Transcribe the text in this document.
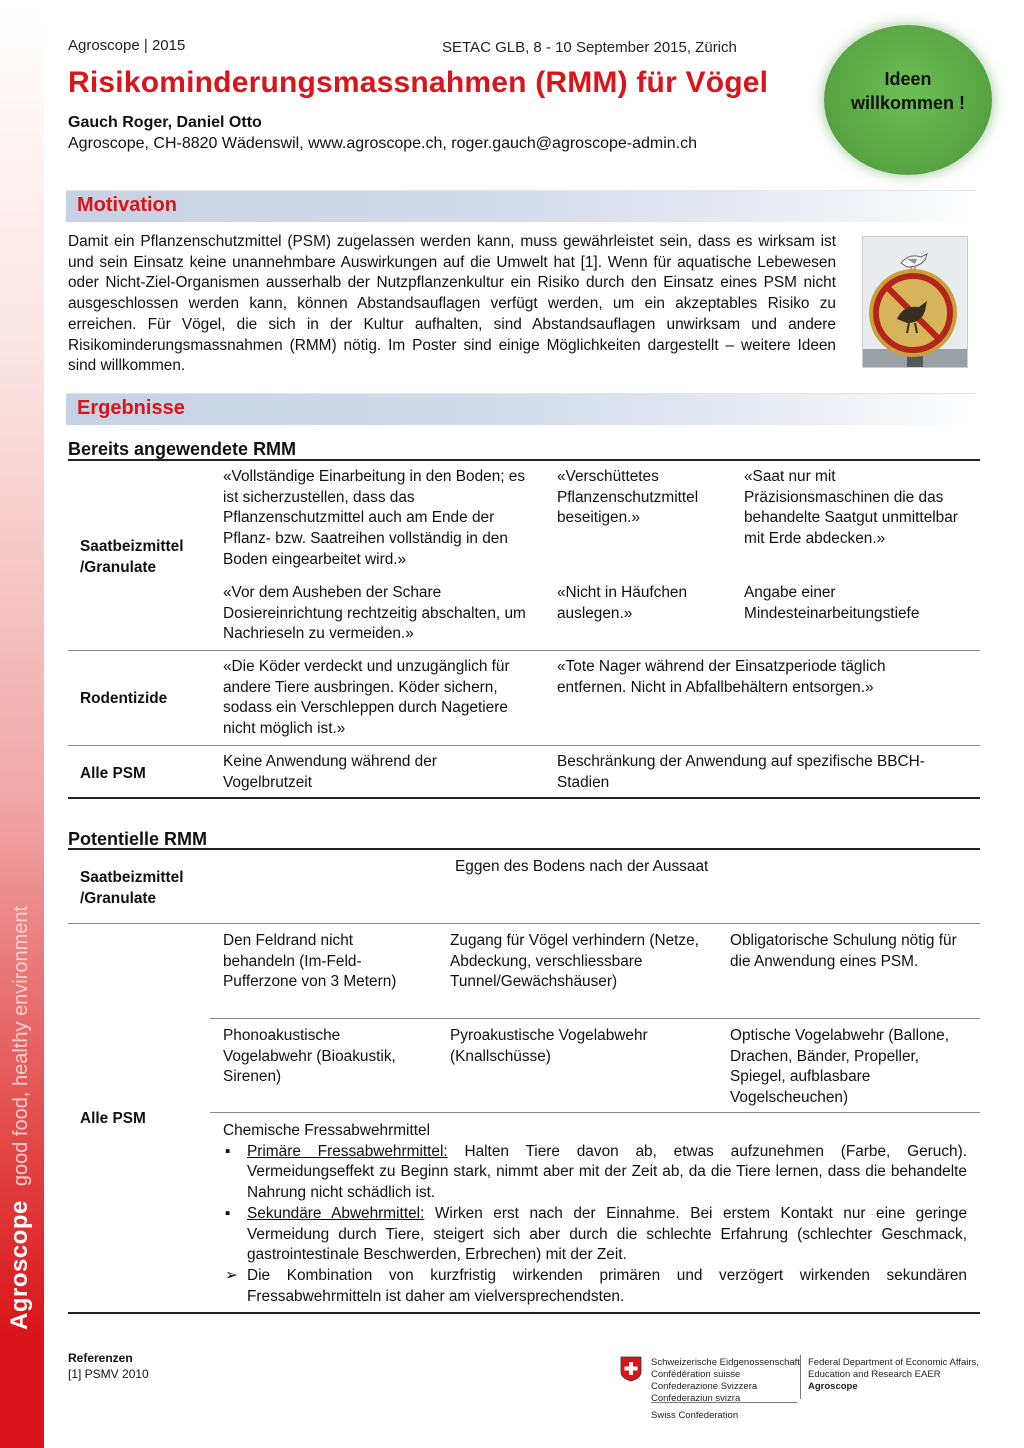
Agroscopegood food, healthy environment
Agroscope | 2015	SETAC GLB, 8 - 10 September 2015, Zürich
Risikominderungsmassnahmen (RMM) für Vögel
Gauch Roger, Daniel Otto
Agroscope, CH-8820 Wädenswil, www.agroscope.ch, roger.gauch@agroscope-admin.ch
Ideen willkommen !
Motivation
Damit ein Pflanzenschutzmittel (PSM) zugelassen werden kann, muss gewährleistet sein, dass es wirksam ist und sein Einsatz keine unannehmbare Auswirkungen auf die Umwelt hat [1]. Wenn für aquatische Lebewesen oder Nicht-Ziel-Organismen ausserhalb der Nutzpflanzenkultur ein Risiko durch den Einsatz eines PSM nicht ausgeschlossen werden kann, können Abstandsauflagen verfügt werden, um ein akzeptables Risiko zu erreichen. Für Vögel, die sich in der Kultur aufhalten, sind Abstandsauflagen unwirksam und andere Risikominderungsmassnahmen (RMM) nötig. Im Poster sind einige Möglichkeiten dargestellt – weitere Ideen sind willkommen.
Ergebnisse
Bereits angewendete RMM
Saatbeizmittel /Granulate
«Vollständige Einarbeitung in den Boden; es ist sicherzustellen, dass das Pflanzenschutzmittel auch am Ende der Pflanz- bzw. Saatreihen vollständig in den Boden eingearbeitet wird.»
«Verschüttetes Pflanzenschutzmittel beseitigen.»
«Saat nur mit Präzisionsmaschinen die das behandelte Saatgut unmittelbar mit Erde abdecken.»
«Vor dem Ausheben der Schare Dosiereinrichtung rechtzeitig abschalten, um Nachrieseln zu vermeiden.»
«Nicht in Häufchen auslegen.»
Angabe einer Mindesteinarbeitungstiefe
Rodentizide
«Die Köder verdeckt und unzugänglich für andere Tiere ausbringen. Köder sichern, sodass ein Verschleppen durch Nagetiere nicht möglich ist.»
«Tote Nager während der Einsatzperiode täglich entfernen. Nicht in Abfallbehältern entsorgen.»
Alle PSM
Keine Anwendung während der Vogelbrutzeit
Beschränkung der Anwendung auf spezifische BBCH-Stadien
Potentielle RMM
Saatbeizmittel /Granulate
Eggen des Bodens nach der Aussaat
Alle PSM
Den Feldrand nicht behandeln (Im-Feld-Pufferzone von 3 Metern)
Zugang für Vögel verhindern (Netze, Abdeckung, verschliessbare Tunnel/Gewächshäuser)
Obligatorische Schulung nötig für die Anwendung eines PSM.
Phonoakustische Vogelabwehr (Bioakustik, Sirenen)
Pyroakustische Vogelabwehr (Knallschüsse)
Optische Vogelabwehr (Ballone, Drachen, Bänder, Propeller, Spiegel, aufblasbare Vogelscheuchen)
Chemische Fressabwehrmittel
▪ Primäre Fressabwehrmittel: Halten Tiere davon ab, etwas aufzunehmen (Farbe, Geruch). Vermeidungseffekt zu Beginn stark, nimmt aber mit der Zeit ab, da die Tiere lernen, dass die behandelte Nahrung nicht schädlich ist.
▪ Sekundäre Abwehrmittel: Wirken erst nach der Einnahme. Bei erstem Kontakt nur eine geringe Vermeidung durch Tiere, steigert sich aber durch die schlechte Erfahrung (schlechter Geschmack, gastrointestinale Beschwerden, Erbrechen) mit der Zeit.
➢ Die Kombination von kurzfristig wirkenden primären und verzögert wirkenden sekundären Fressabwehrmitteln ist daher am vielversprechendsten.
Referenzen
[1] PSMV 2010
Schweizerische Eidgenossenschaft
Confédération suisse
Confederazione Svizzera
Confederaziun svizra
Swiss Confederation
Federal Department of Economic Affairs,
Education and Research EAER
Agroscope
